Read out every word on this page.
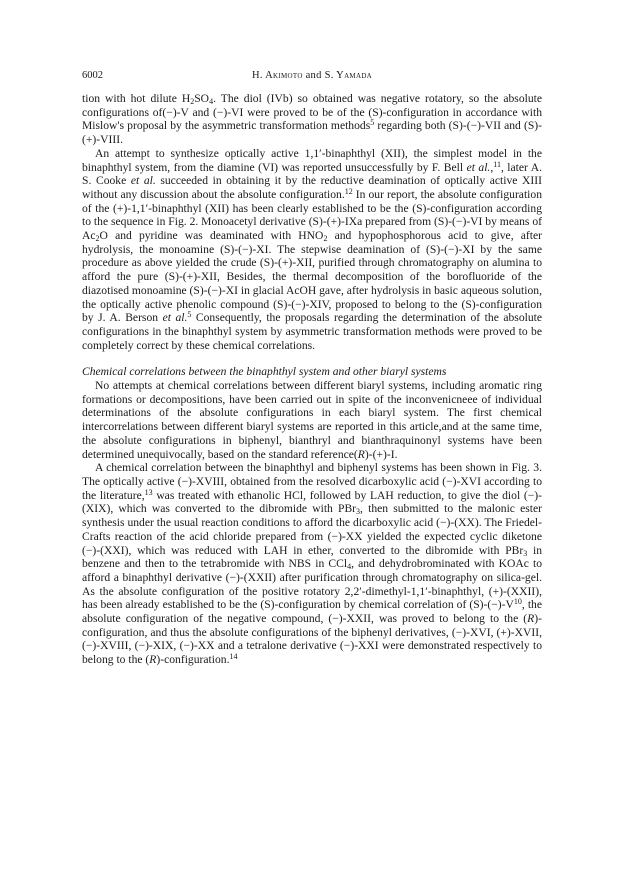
6002	H. Akimoto and S. Yamada

tion with hot dilute $H_2SO_4$. The diol (IVb) so obtained was negative rotatory, so the absolute configurations of(−)-V and (−)-VI were proved to be of the (S)-configuration in accordance with Mislow's proposal by the asymmetric transformation methods$^5$ regarding both (S)-(−)-VII and (S)-(+)-VIII.

An attempt to synthesize optically active 1,1′-binaphthyl (XII), the simplest model in the binaphthyl system, from the diamine (VI) was reported unsuccessfully by F. Bell et al.,$^{11}$, later A. S. Cooke et al. succeeded in obtaining it by the reductive deamination of optically active XIII without any discussion about the absolute configuration.$^{12}$ In our report, the absolute configuration of the (+)-1,1′-binaphthyl (XII) has been clearly established to be the (S)-configuration according to the sequence in Fig. 2. Monoacetyl derivative (S)-(+)-IXa prepared from (S)-(−)-VI by means of $Ac_2O$ and pyridine was deaminated with $HNO_2$ and hypophosphorous acid to give, after hydrolysis, the monoamine (S)-(−)-XI. The stepwise deamination of (S)-(−)-XI by the same procedure as above yielded the crude (S)-(+)-XII, purified through chromatography on alumina to afford the pure (S)-(+)-XII, Besides, the thermal decomposition of the borofluoride of the diazotised monoamine (S)-(−)-XI in glacial AcOH gave, after hydrolysis in basic aqueous solution, the optically active phenolic compound (S)-(−)-XIV, proposed to belong to the (S)-configuration by J. A. Berson et al.$^5$ Consequently, the proposals regarding the determination of the absolute configurations in the binaphthyl system by asymmetric transformation methods were proved to be completely correct by these chemical correlations.

Chemical correlations between the binaphthyl system and other biaryl systems

No attempts at chemical correlations between different biaryl systems, including aromatic ring formations or decompositions, have been carried out in spite of the inconvenicneee of individual determinations of the absolute configurations in each biaryl system. The first chemical intercorrelations between different biaryl systems are reported in this article,and at the same time, the absolute configurations in biphenyl, bianthryl and bianthraquinonyl systems have been determined unequivocally, based on the standard reference(R)-(+)-I.

A chemical correlation between the binaphthyl and biphenyl systems has been shown in Fig. 3. The optically active (−)-XVIII, obtained from the resolved dicarboxylic acid (−)-XVI according to the literature,$^{13}$ was treated with ethanolic HCl, followed by LAH reduction, to give the diol (−)-(XIX), which was converted to the dibromide with PBr$_3$, then submitted to the malonic ester synthesis under the usual reaction conditions to afford the dicarboxylic acid (−)-(XX). The Friedel-Crafts reaction of the acid chloride prepared from (−)-XX yielded the expected cyclic diketone (−)-(XXI), which was reduced with LAH in ether, converted to the dibromide with PBr$_3$ in benzene and then to the tetrabromide with NBS in CCl$_4$, and dehydrobrominated with KOAc to afford a binaphthyl derivative (−)-(XXII) after purification through chromatography on silica-gel. As the absolute configuration of the positive rotatory 2,2′-dimethyl-1,1′-binaphthyl, (+)-(XXII), has been already established to be the (S)-configuration by chemical correlation of $(S)-(-)-V^{10}$, the absolute configuration of the negative compound, (−)-XXII, was proved to belong to the (R)-configuration, and thus the absolute configurations of the biphenyl derivatives, (−)-XVI, (+)-XVII, (−)-XVIII, (−)-XIX, (−)-XX and a tetralone derivative (−)-XXI were demonstrated respectively to belong to the (R)-configuration.$^{14}$
